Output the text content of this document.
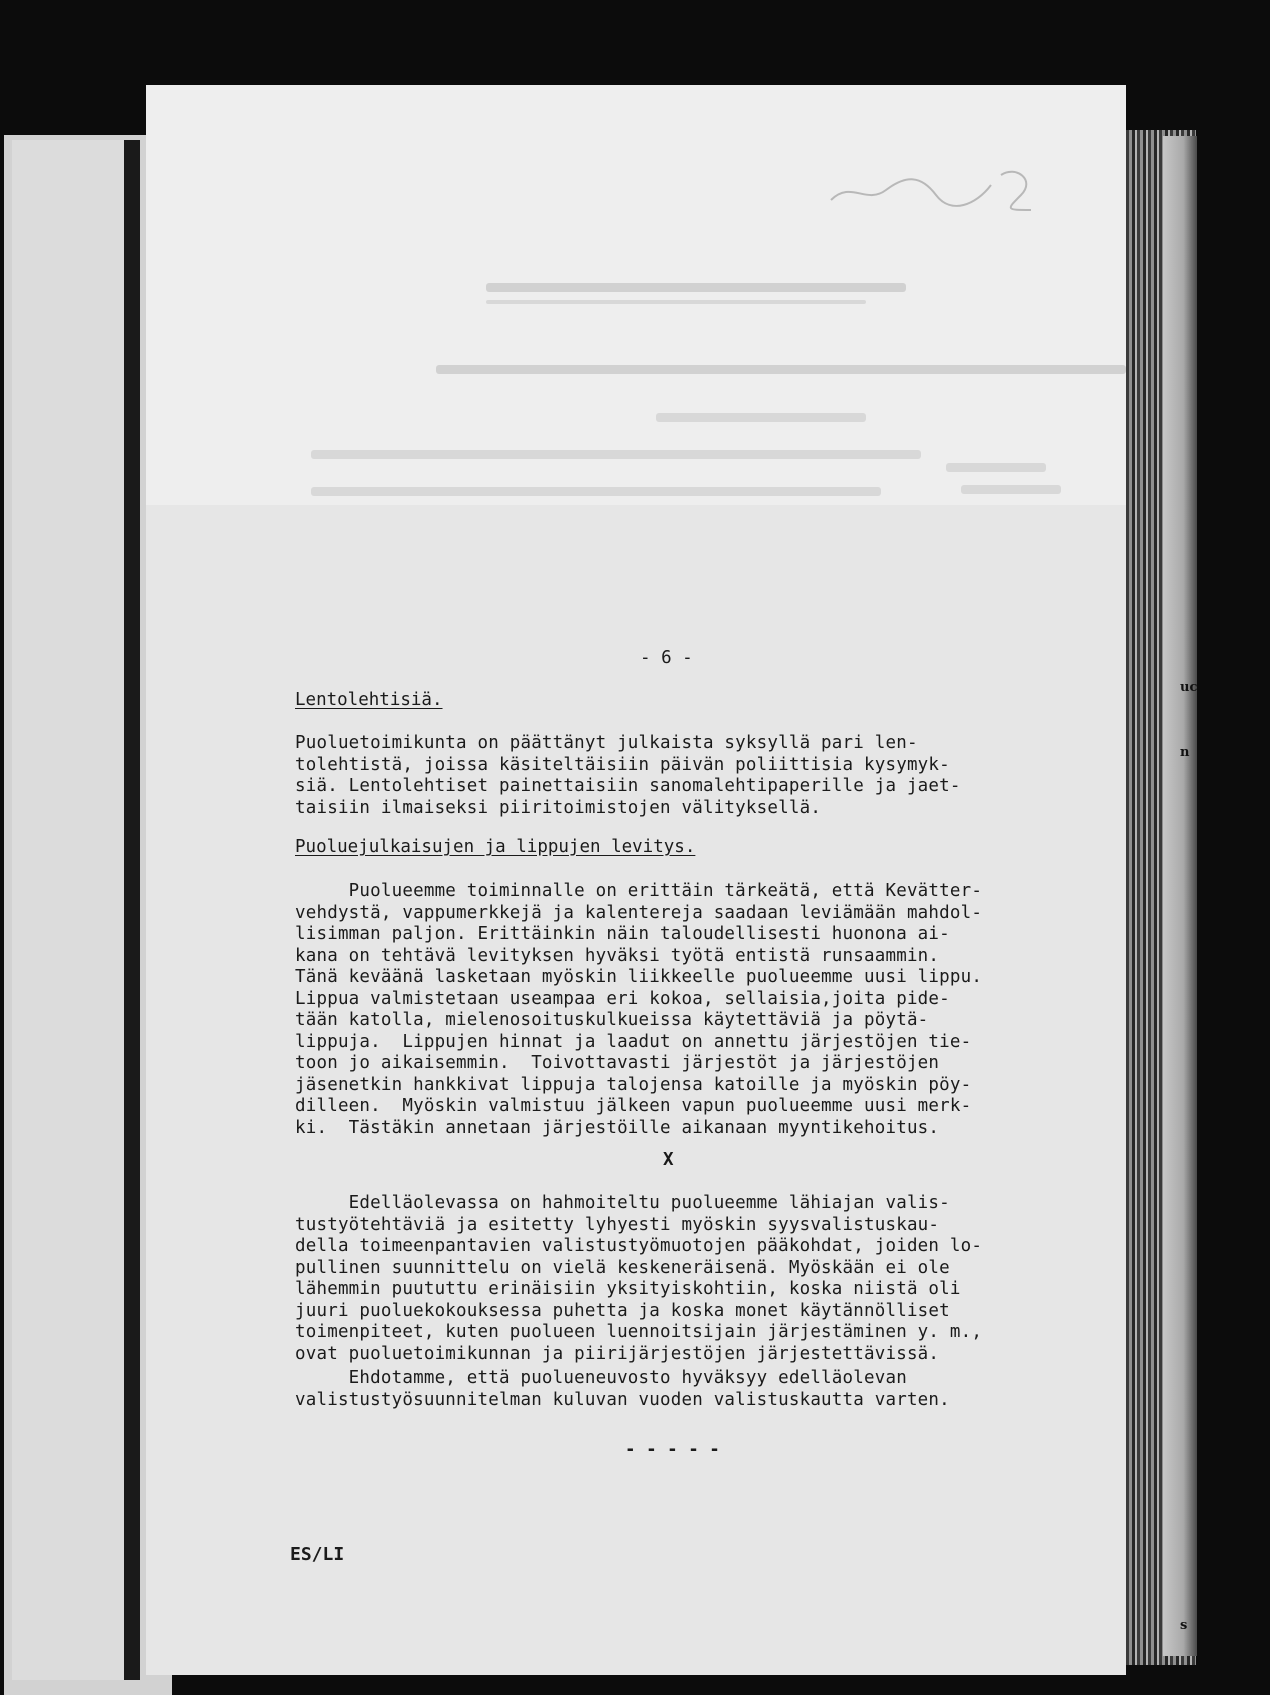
uc
n
s
- 6 -
Lentolehtisiä.
Puoluetoimikunta on päättänyt julkaista syksyllä pari len-
tolehtistä, joissa käsiteltäisiin päivän poliittisia kysymyk-
siä. Lentolehtiset painettaisiin sanomalehtipaperille ja jaet-
taisiin ilmaiseksi piiritoimistojen välityksellä.
Puoluejulkaisujen ja lippujen levitys.
Puolueemme toiminnalle on erittäin tärkeätä, että Kevätter-
vehdystä, vappumerkkejä ja kalentereja saadaan leviämään mahdol-
lisimman paljon. Erittäinkin näin taloudellisesti huonona ai-
kana on tehtävä levityksen hyväksi työtä entistä runsaammin.
Tänä keväänä lasketaan myöskin liikkeelle puolueemme uusi lippu.
Lippua valmistetaan useampaa eri kokoa, sellaisia,joita pide-
tään katolla, mielenosoituskulkueissa käytettäviä ja pöytä-
lippuja.  Lippujen hinnat ja laadut on annettu järjestöjen tie-
toon jo aikaisemmin.  Toivottavasti järjestöt ja järjestöjen
jäsenetkin hankkivat lippuja talojensa katoille ja myöskin pöy-
dilleen.  Myöskin valmistuu jälkeen vapun puolueemme uusi merk-
ki.  Tästäkin annetaan järjestöille aikanaan myyntikehoitus.
X
Edelläolevassa on hahmoiteltu puolueemme lähiajan valis-
tustyötehtäviä ja esitetty lyhyesti myöskin syysvalistuskau-
della toimeenpantavien valistustyömuotojen pääkohdat, joiden lo-
pullinen suunnittelu on vielä keskeneräisenä. Myöskään ei ole
lähemmin puututtu erinäisiin yksityiskohtiin, koska niistä oli
juuri puoluekokouksessa puhetta ja koska monet käytännölliset
toimenpiteet, kuten puolueen luennoitsijain järjestäminen y. m.,
ovat puoluetoimikunnan ja piirijärjestöjen järjestettävissä.
Ehdotamme, että puolueneuvosto hyväksyy edelläolevan
valistustyösuunnitelman kuluvan vuoden valistuskautta varten.
- - - - -
ES/LI
